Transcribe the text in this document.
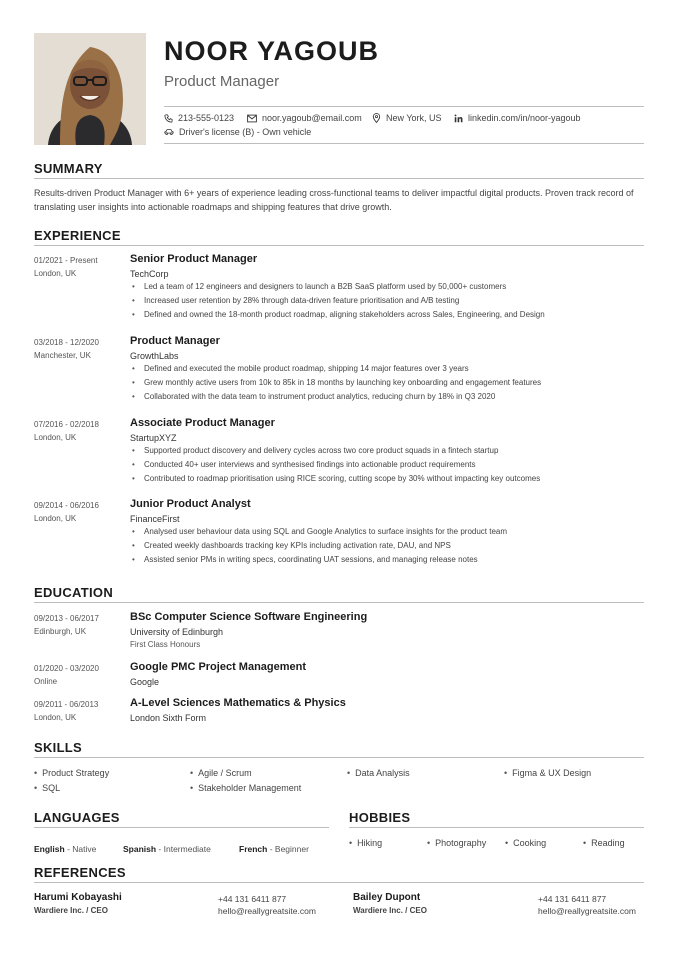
NOOR YAGOUB
Product Manager
213-555-0123	noor.yagoub@email.com	New York, US	linkedin.com/in/noor-yagoub
Driver's license (B) - Own vehicle
SUMMARY
Results-driven Product Manager with 6+ years of experience leading cross-functional teams to deliver impactful digital products. Proven track record of translating user insights into actionable roadmaps and shipping features that drive growth.
EXPERIENCE
01/2021 - Present
London, UK
Senior Product Manager
TechCorp
• Led a team of 12 engineers and designers to launch a B2B SaaS platform used by 50,000+ customers
• Increased user retention by 28% through data-driven feature prioritisation and A/B testing
• Defined and owned the 18-month product roadmap, aligning stakeholders across Sales, Engineering, and Design
03/2018 - 12/2020
Manchester, UK
Product Manager
GrowthLabs
• Defined and executed the mobile product roadmap, shipping 14 major features over 3 years
• Grew monthly active users from 10k to 85k in 18 months by launching key onboarding and engagement features
• Collaborated with the data team to instrument product analytics, reducing churn by 18% in Q3 2020
07/2016 - 02/2018
London, UK
Associate Product Manager
StartupXYZ
• Supported product discovery and delivery cycles across two core product squads in a fintech startup
• Conducted 40+ user interviews and synthesised findings into actionable product requirements
• Contributed to roadmap prioritisation using RICE scoring, cutting scope by 30% without impacting key outcomes
09/2014 - 06/2016
London, UK
Junior Product Analyst
FinanceFirst
• Analysed user behaviour data using SQL and Google Analytics to surface insights for the product team
• Created weekly dashboards tracking key KPIs including activation rate, DAU, and NPS
• Assisted senior PMs in writing specs, coordinating UAT sessions, and managing release notes
EDUCATION
09/2013 - 06/2017
Edinburgh, UK
BSc Computer Science Software Engineering
University of Edinburgh
First Class Honours
01/2020 - 03/2020
Online
Google PMC Project Management
Google
09/2011 - 06/2013
London, UK
A-Level Sciences Mathematics & Physics
London Sixth Form
SKILLS
• Product Strategy	• Agile / Scrum	• Data Analysis	• Figma & UX Design
• SQL	• Stakeholder Management
LANGUAGES
English - Native	Spanish - Intermediate	French - Beginner
HOBBIES
• Hiking	• Photography	• Cooking	• Reading
REFERENCES
Harumi Kobayashi
Wardiere Inc. / CEO
+44 131 6411 877
hello@reallygreatsite.com
Bailey Dupont
Wardiere Inc. / CEO
+44 131 6411 877
hello@reallygreatsite.com
